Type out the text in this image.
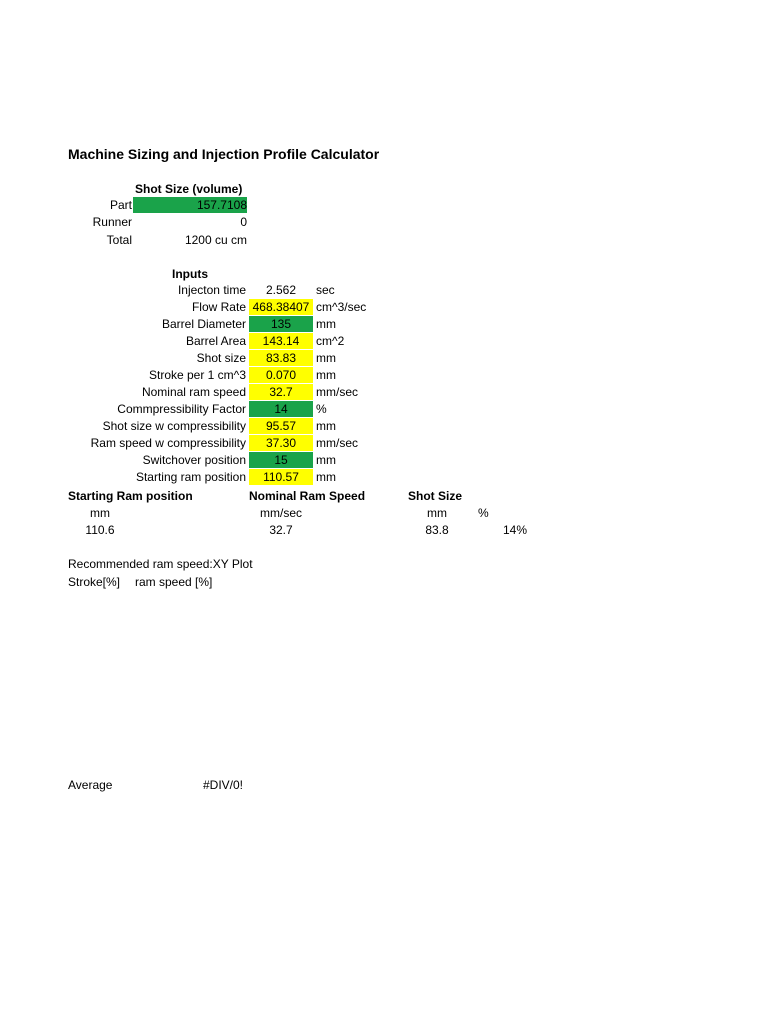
Machine Sizing and Injection Profile Calculator
Shot Size (volume)
Part	157.7108
Runner	0
Total	1200 cu cm
Inputs
Injecton time	2.562	sec
Flow Rate 468.38407 cm^3/sec
Barrel Diameter	135	mm
Barrel Area	143.14	cm^2
Shot size	83.83	mm
Stroke per 1 cm^3	0.070	mm
Nominal ram speed	32.7	mm/sec
Commpressibility Factor	14	%
Shot size w compressibility	95.57	mm
Ram speed w compressibility	37.30	mm/sec
Switchover position	15	mm
Starting ram position	110.57	mm
Starting Ram position	Nominal Ram Speed	Shot Size
mm	mm/sec	mm	%
110.6	32.7	83.8	14%
Recommended ram speed:XY Plot
Stroke[%] ram speed [%]
Average	#DIV/0!
